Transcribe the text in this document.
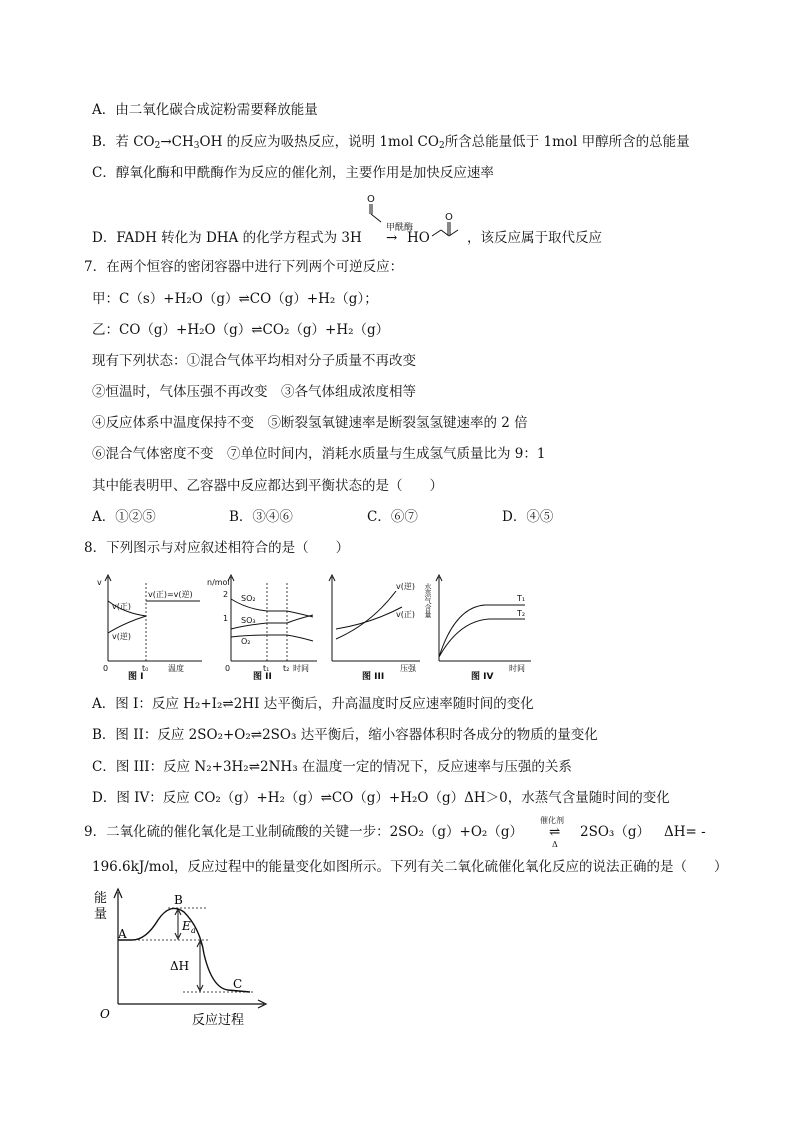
A．由二氧化碳合成淀粉需要释放能量
B．若 $CO_2\to CH_3OH$ 的反应为吸热反应，说明 1mol $CO_2$所含总能量低于 1mol 甲醇所含的总能量
C．醇氧化酶和甲酰酶作为反应的催化剂，主要作用是加快反应速率
D．FADH 转化为 DHA 的化学方程式为 3H
O
甲酰酶
→ HO
O
，该反应属于取代反应
7．在两个恒容的密闭容器中进行下列两个可逆反应：
甲：C（s）+H₂O（g）⇌CO（g）+H₂（g）；
乙：CO（g）+H₂O（g）⇌CO₂（g）+H₂（g）
现有下列状态：①混合气体平均相对分子质量不再改变
②恒温时，气体压强不再改变　③各气体组成浓度相等
④反应体系中温度保持不变　⑤断裂氢氧键速率是断裂氢氢键速率的 2 倍
⑥混合气体密度不变　⑦单位时间内，消耗水质量与生成氢气质量比为 9：1
其中能表明甲、乙容器中反应都达到平衡状态的是（　　）
A．①②⑤	B．③④⑥	C．⑥⑦	D．④⑤
8．下列图示与对应叙述相符合的是（　　）
v
0	t₀ 温度
v(正)
v(逆)
v(正)=v(逆)
图 I
n/mol
2
1
0	t₁ t₂ 时间
SO₂
SO₃
O₂
图 II
v(逆)
v(正)
压强
图 III
水蒸气含量	T₁
T₂
时间
图 IV
A．图 I：反应 H₂+I₂⇌2HI 达平衡后，升高温度时反应速率随时间的变化
B．图 II：反应 2SO₂+O₂⇌2SO₃ 达平衡后，缩小容器体积时各成分的物质的量变化
C．图 III：反应 N₂+3H₂⇌2NH₃ 在温度一定的情况下，反应速率与压强的关系
D．图 IV：反应 CO₂（g）+H₂（g）⇌CO（g）+H₂O（g）ΔH＞0，水蒸气含量随时间的变化
9．二氧化硫的催化氧化是工业制硫酸的关键一步：2SO₂（g）+O₂（g）
催化剂
⇌
Δ
2SO₃（g） ΔH= -
196.6kJ/mol，反应过程中的能量变化如图所示。下列有关二氧化硫催化氧化反应的说法正确的是（　　）
能
量
A
B
C
E a
ΔH
O	反应过程
